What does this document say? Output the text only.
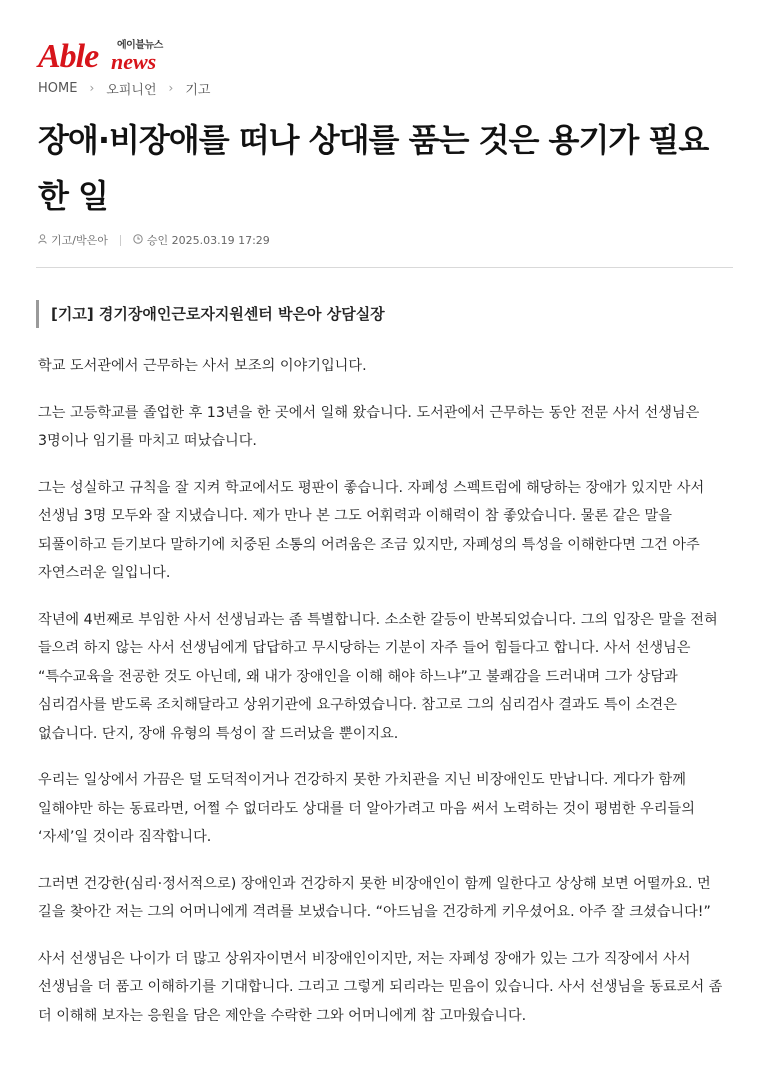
Able news
에이블뉴스
HOME › 오피니언 › 기고
장애·비장애를 떠나 상대를 품는 것은 용기가 필요한 일
기고/박은아	승인 2025.03.19 17:29
[기고] 경기장애인근로자지원센터 박은아 상담실장

학교 도서관에서 근무하는 사서 보조의 이야기입니다.

그는 고등학교를 졸업한 후 13년을 한 곳에서 일해 왔습니다. 도서관에서 근무하는 동안 전문 사서 선생님은 3명이나 임기를 마치고 떠났습니다.

그는 성실하고 규칙을 잘 지켜 학교에서도 평판이 좋습니다. 자폐성 스펙트럼에 해당하는 장애가 있지만 사서 선생님 3명 모두와 잘 지냈습니다. 제가 만나 본 그도 어휘력과 이해력이 참 좋았습니다. 물론 같은 말을 되풀이하고 듣기보다 말하기에 치중된 소통의 어려움은 조금 있지만, 자폐성의 특성을 이해한다면 그건 아주 자연스러운 일입니다.

작년에 4번째로 부임한 사서 선생님과는 좀 특별합니다. 소소한 갈등이 반복되었습니다. 그의 입장은 말을 전혀 들으려 하지 않는 사서 선생님에게 답답하고 무시당하는 기분이 자주 들어 힘들다고 합니다. 사서 선생님은 “특수교육을 전공한 것도 아닌데, 왜 내가 장애인을 이해 해야 하느냐”고 불쾌감을 드러내며 그가 상담과 심리검사를 받도록 조치해달라고 상위기관에 요구하였습니다. 참고로 그의 심리검사 결과도 특이 소견은 없습니다. 단지, 장애 유형의 특성이 잘 드러났을 뿐이지요.

우리는 일상에서 가끔은 덜 도덕적이거나 건강하지 못한 가치관을 지닌 비장애인도 만납니다. 게다가 함께 일해야만 하는 동료라면, 어쩔 수 없더라도 상대를 더 알아가려고 마음 써서 노력하는 것이 평범한 우리들의 ‘자세’일 것이라 짐작합니다.

그러면 건강한(심리·정서적으로) 장애인과 건강하지 못한 비장애인이 함께 일한다고 상상해 보면 어떨까요. 먼 길을 찾아간 저는 그의 어머니에게 격려를 보냈습니다. “아드님을 건강하게 키우셨어요. 아주 잘 크셨습니다!”

사서 선생님은 나이가 더 많고 상위자이면서 비장애인이지만, 저는 자폐성 장애가 있는 그가 직장에서 사서 선생님을 더 품고 이해하기를 기대합니다. 그리고 그렇게 되리라는 믿음이 있습니다. 사서 선생님을 동료로서 좀 더 이해해 보자는 응원을 담은 제안을 수락한 그와 어머니에게 참 고마웠습니다.
